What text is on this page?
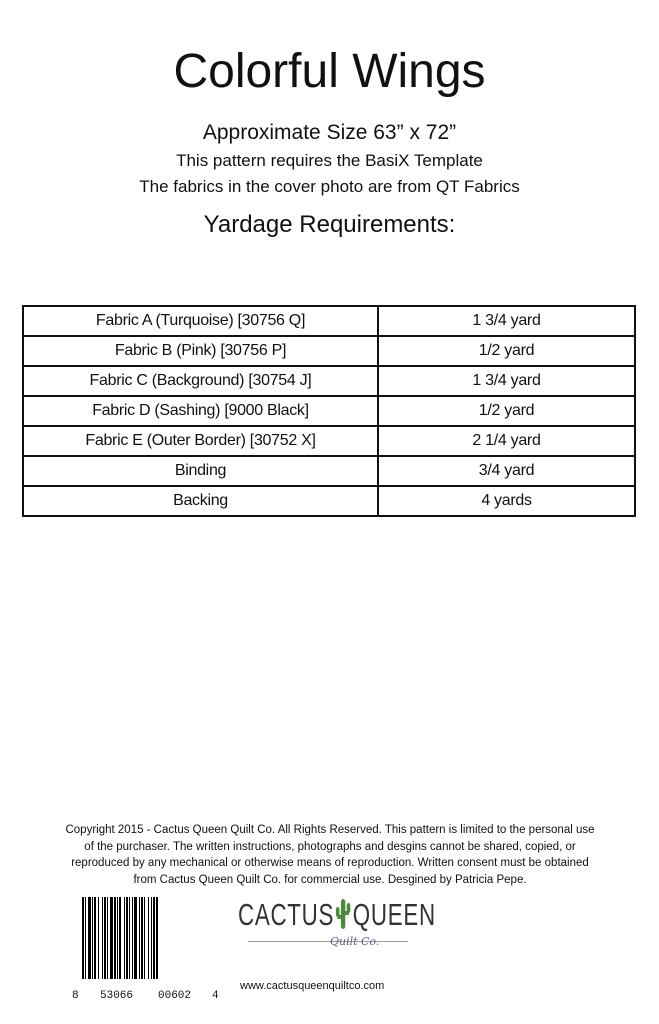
Colorful Wings
Approximate Size 63” x 72”
This pattern requires the BasiX Template
The fabrics in the cover photo are from QT Fabrics
Yardage Requirements:
Fabric A (Turquoise) [30756 Q]	1 3/4 yard
Fabric B (Pink) [30756 P]	1/2 yard
Fabric C (Background) [30754 J]	1 3/4 yard
Fabric D (Sashing) [9000 Black]	1/2 yard
Fabric E (Outer Border) [30752 X]	2 1/4 yard
Binding	3/4 yard
Backing	4 yards
Copyright 2015 - Cactus Queen Quilt Co. All Rights Reserved. This pattern is limited to the personal use
of the purchaser. The written instructions, photographs and desgins cannot be shared, copied, or
reproduced by any mechanical or otherwise means of reproduction. Written consent must be obtained
from Cactus Queen Quilt Co. for commercial use. Desgined by Patricia Pepe.
8 53066 00602 4
CACTUS QUEEN
Quilt Co.
www.cactusqueenquiltco.com
